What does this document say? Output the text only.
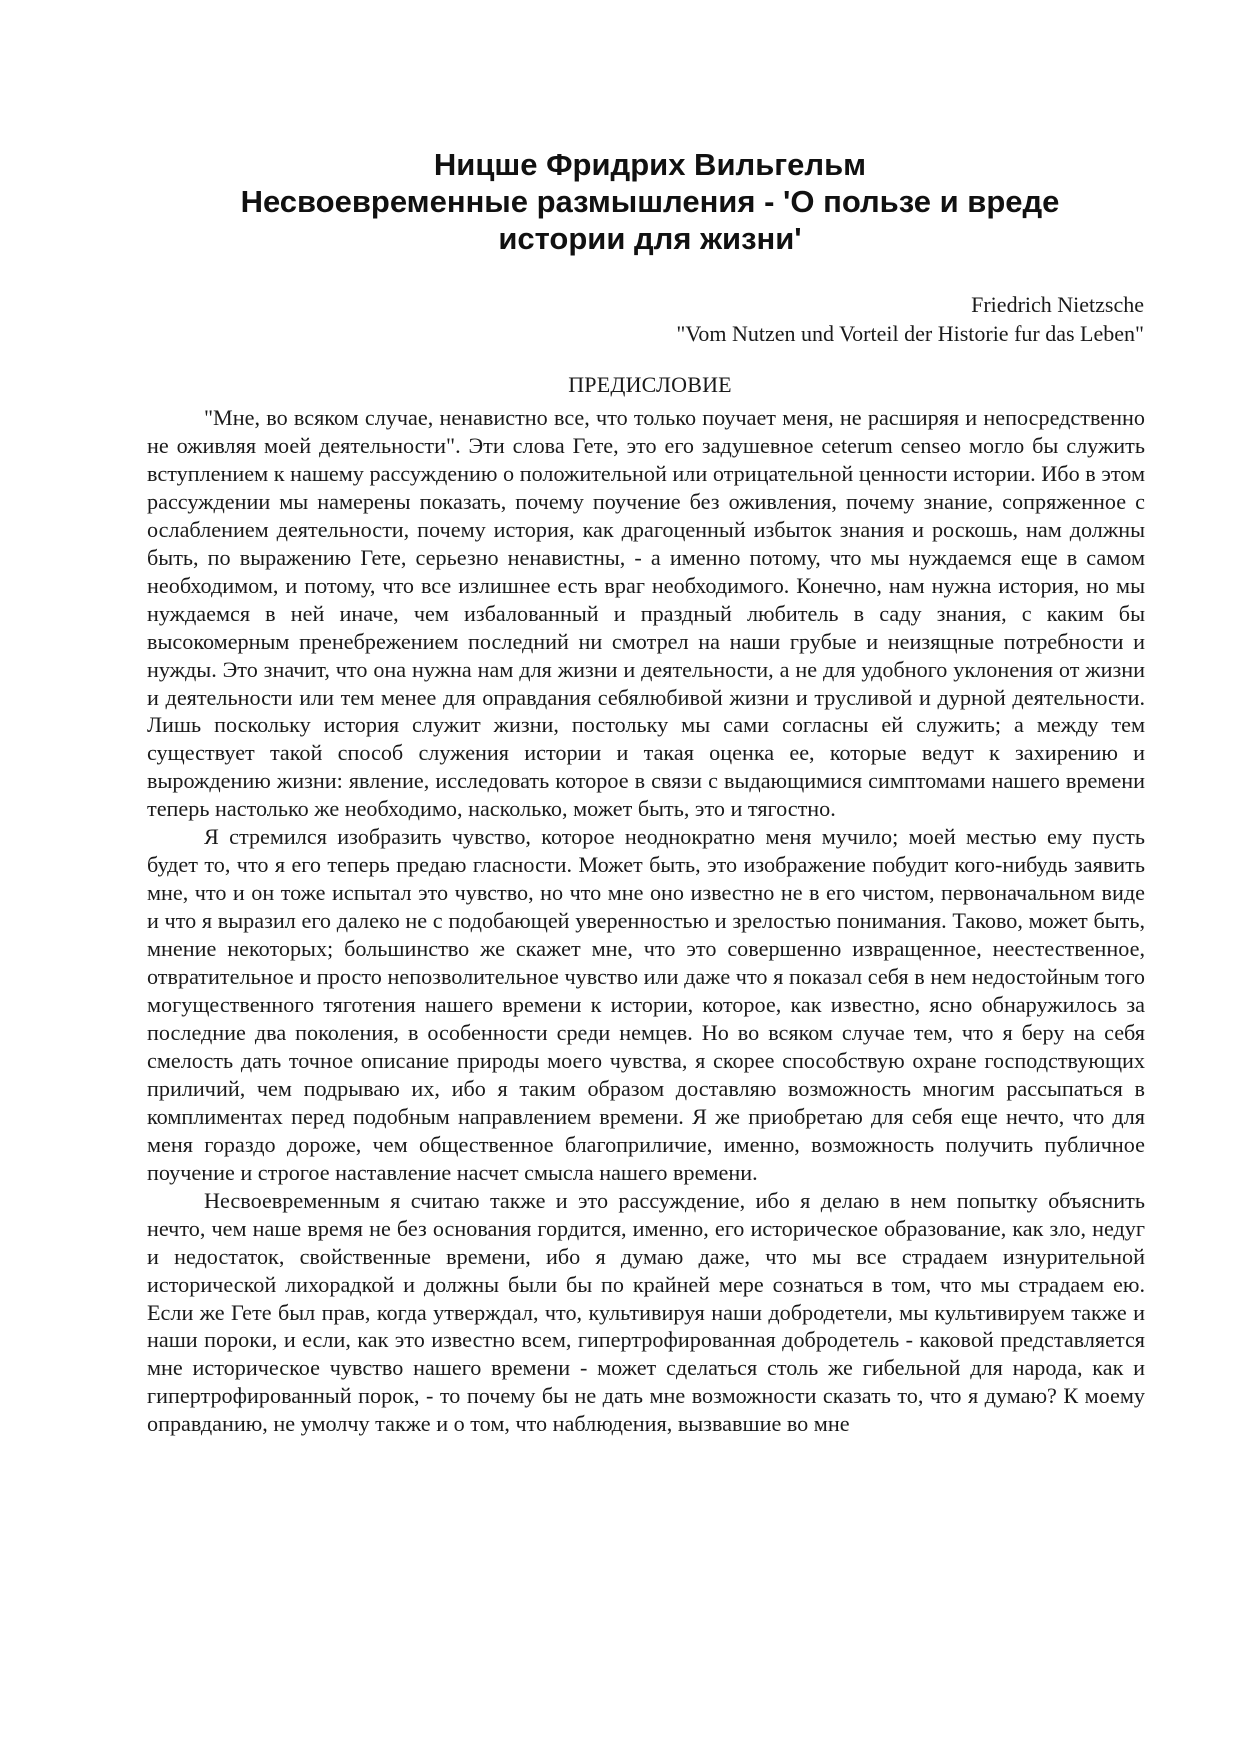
Ницше Фридрих Вильгельм
Несвоевременные размышления - 'О пользе и вреде
истории для жизни'
Friedrich Nietzsche
"Vom Nutzen und Vorteil der Historie fur das Leben"
ПРЕДИСЛОВИЕ

"Мне, во всяком случае, ненавистно все, что только поучает меня, не расширяя и непосредственно не оживляя моей деятельности". Эти слова Гете, это его задушевное ceterum censeo могло бы служить вступлением к нашему рассуждению о положительной или отрицательной ценности истории. Ибо в этом рассуждении мы намерены показать, почему поучение без оживления, почему знание, сопряженное с ослаблением деятельности, почему история, как драгоценный избыток знания и роскошь, нам должны быть, по выражению Гете, серьезно ненавистны, - а именно потому, что мы нуждаемся еще в самом необходимом, и потому, что все излишнее есть враг необходимого. Конечно, нам нужна история, но мы нуждаемся в ней иначе, чем избалованный и праздный любитель в саду знания, с каким бы высокомерным пренебрежением последний ни смотрел на наши грубые и неизящные потребности и нужды. Это значит, что она нужна нам для жизни и деятельности, а не для удобного уклонения от жизни и деятельности или тем менее для оправдания себялюбивой жизни и трусливой и дурной деятельности. Лишь поскольку история служит жизни, постольку мы сами согласны ей служить; а между тем существует такой способ служения истории и такая оценка ее, которые ведут к захирению и вырождению жизни: явление, исследовать которое в связи с выдающимися симптомами нашего времени теперь настолько же необходимо, насколько, может быть, это и тягостно.

Я стремился изобразить чувство, которое неоднократно меня мучило; моей местью ему пусть будет то, что я его теперь предаю гласности. Может быть, это изображение побудит кого-нибудь заявить мне, что и он тоже испытал это чувство, но что мне оно известно не в его чистом, первоначальном виде и что я выразил его далеко не с подобающей уверенностью и зрелостью понимания. Таково, может быть, мнение некоторых; большинство же скажет мне, что это совершенно извращенное, неестественное, отвратительное и просто непозволительное чувство или даже что я показал себя в нем недостойным того могущественного тяготения нашего времени к истории, которое, как известно, ясно обнаружилось за последние два поколения, в особенности среди немцев. Но во всяком случае тем, что я беру на себя смелость дать точное описание природы моего чувства, я скорее способствую охране господствующих приличий, чем подрываю их, ибо я таким образом доставляю возможность многим рассыпаться в комплиментах перед подобным направлением времени. Я же приобретаю для себя еще нечто, что для меня гораздо дороже, чем общественное благоприличие, именно, возможность получить публичное поучение и строгое наставление насчет смысла нашего времени.

Несвоевременным я считаю также и это рассуждение, ибо я делаю в нем попытку объяснить нечто, чем наше время не без основания гордится, именно, его историческое образование, как зло, недуг и недостаток, свойственные времени, ибо я думаю даже, что мы все страдаем изнурительной исторической лихорадкой и должны были бы по крайней мере сознаться в том, что мы страдаем ею. Если же Гете был прав, когда утверждал, что, культивируя наши добродетели, мы культивируем также и наши пороки, и если, как это известно всем, гипертрофированная добродетель - каковой представляется мне историческое чувство нашего времени - может сделаться столь же гибельной для народа, как и гипертрофированный порок, - то почему бы не дать мне возможности сказать то, что я думаю? К моему оправданию, не умолчу также и о том, что наблюдения, вызвавшие во мне
